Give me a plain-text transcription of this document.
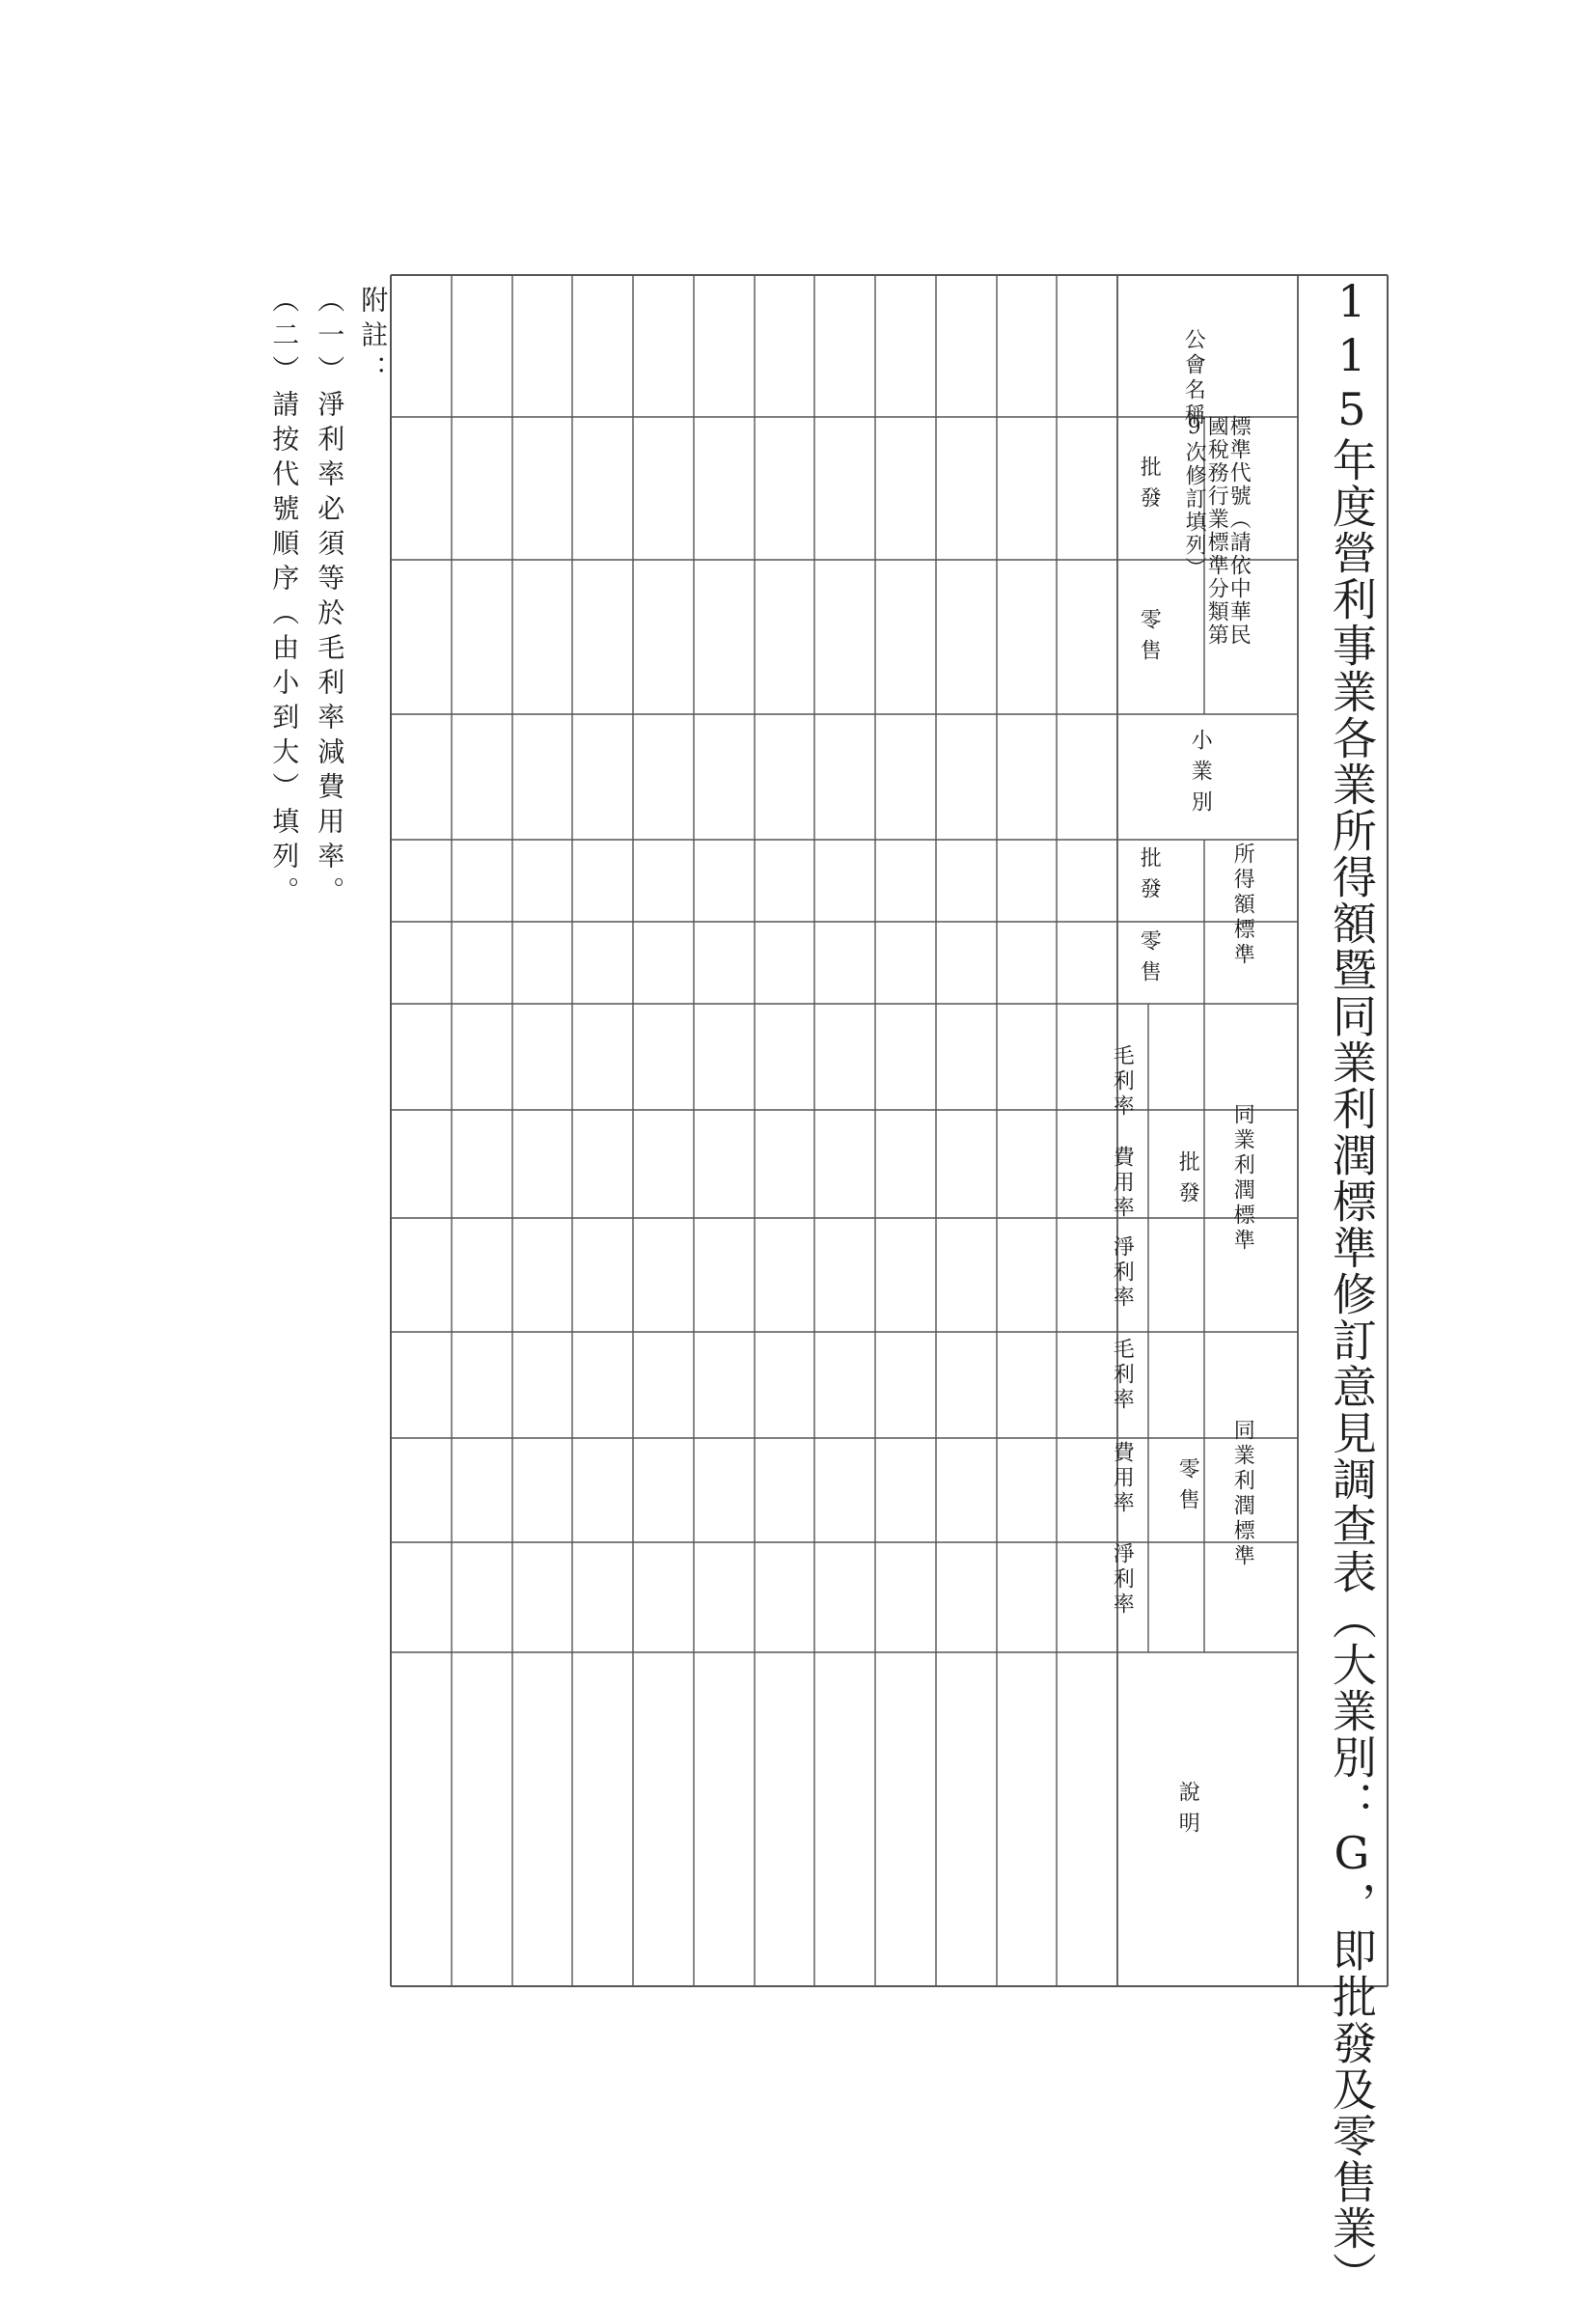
115年度營利事業各業所得額暨同業利潤標準修訂意見調查表（大業別：G，即批發及零售業）
公會名稱
標準代號（請依中華民
國稅務行業標準分類第
9次修訂填列）
批發
零售
小業別
所得額標準
批發
零售
同業利潤標準
批發
毛利率
費用率
淨利率
同業利潤標準
零售
毛利率
費用率
淨利率
說明
附註：
（一）淨利率必須等於毛利率減費用率。
（二）請按代號順序（由小到大）填列。
